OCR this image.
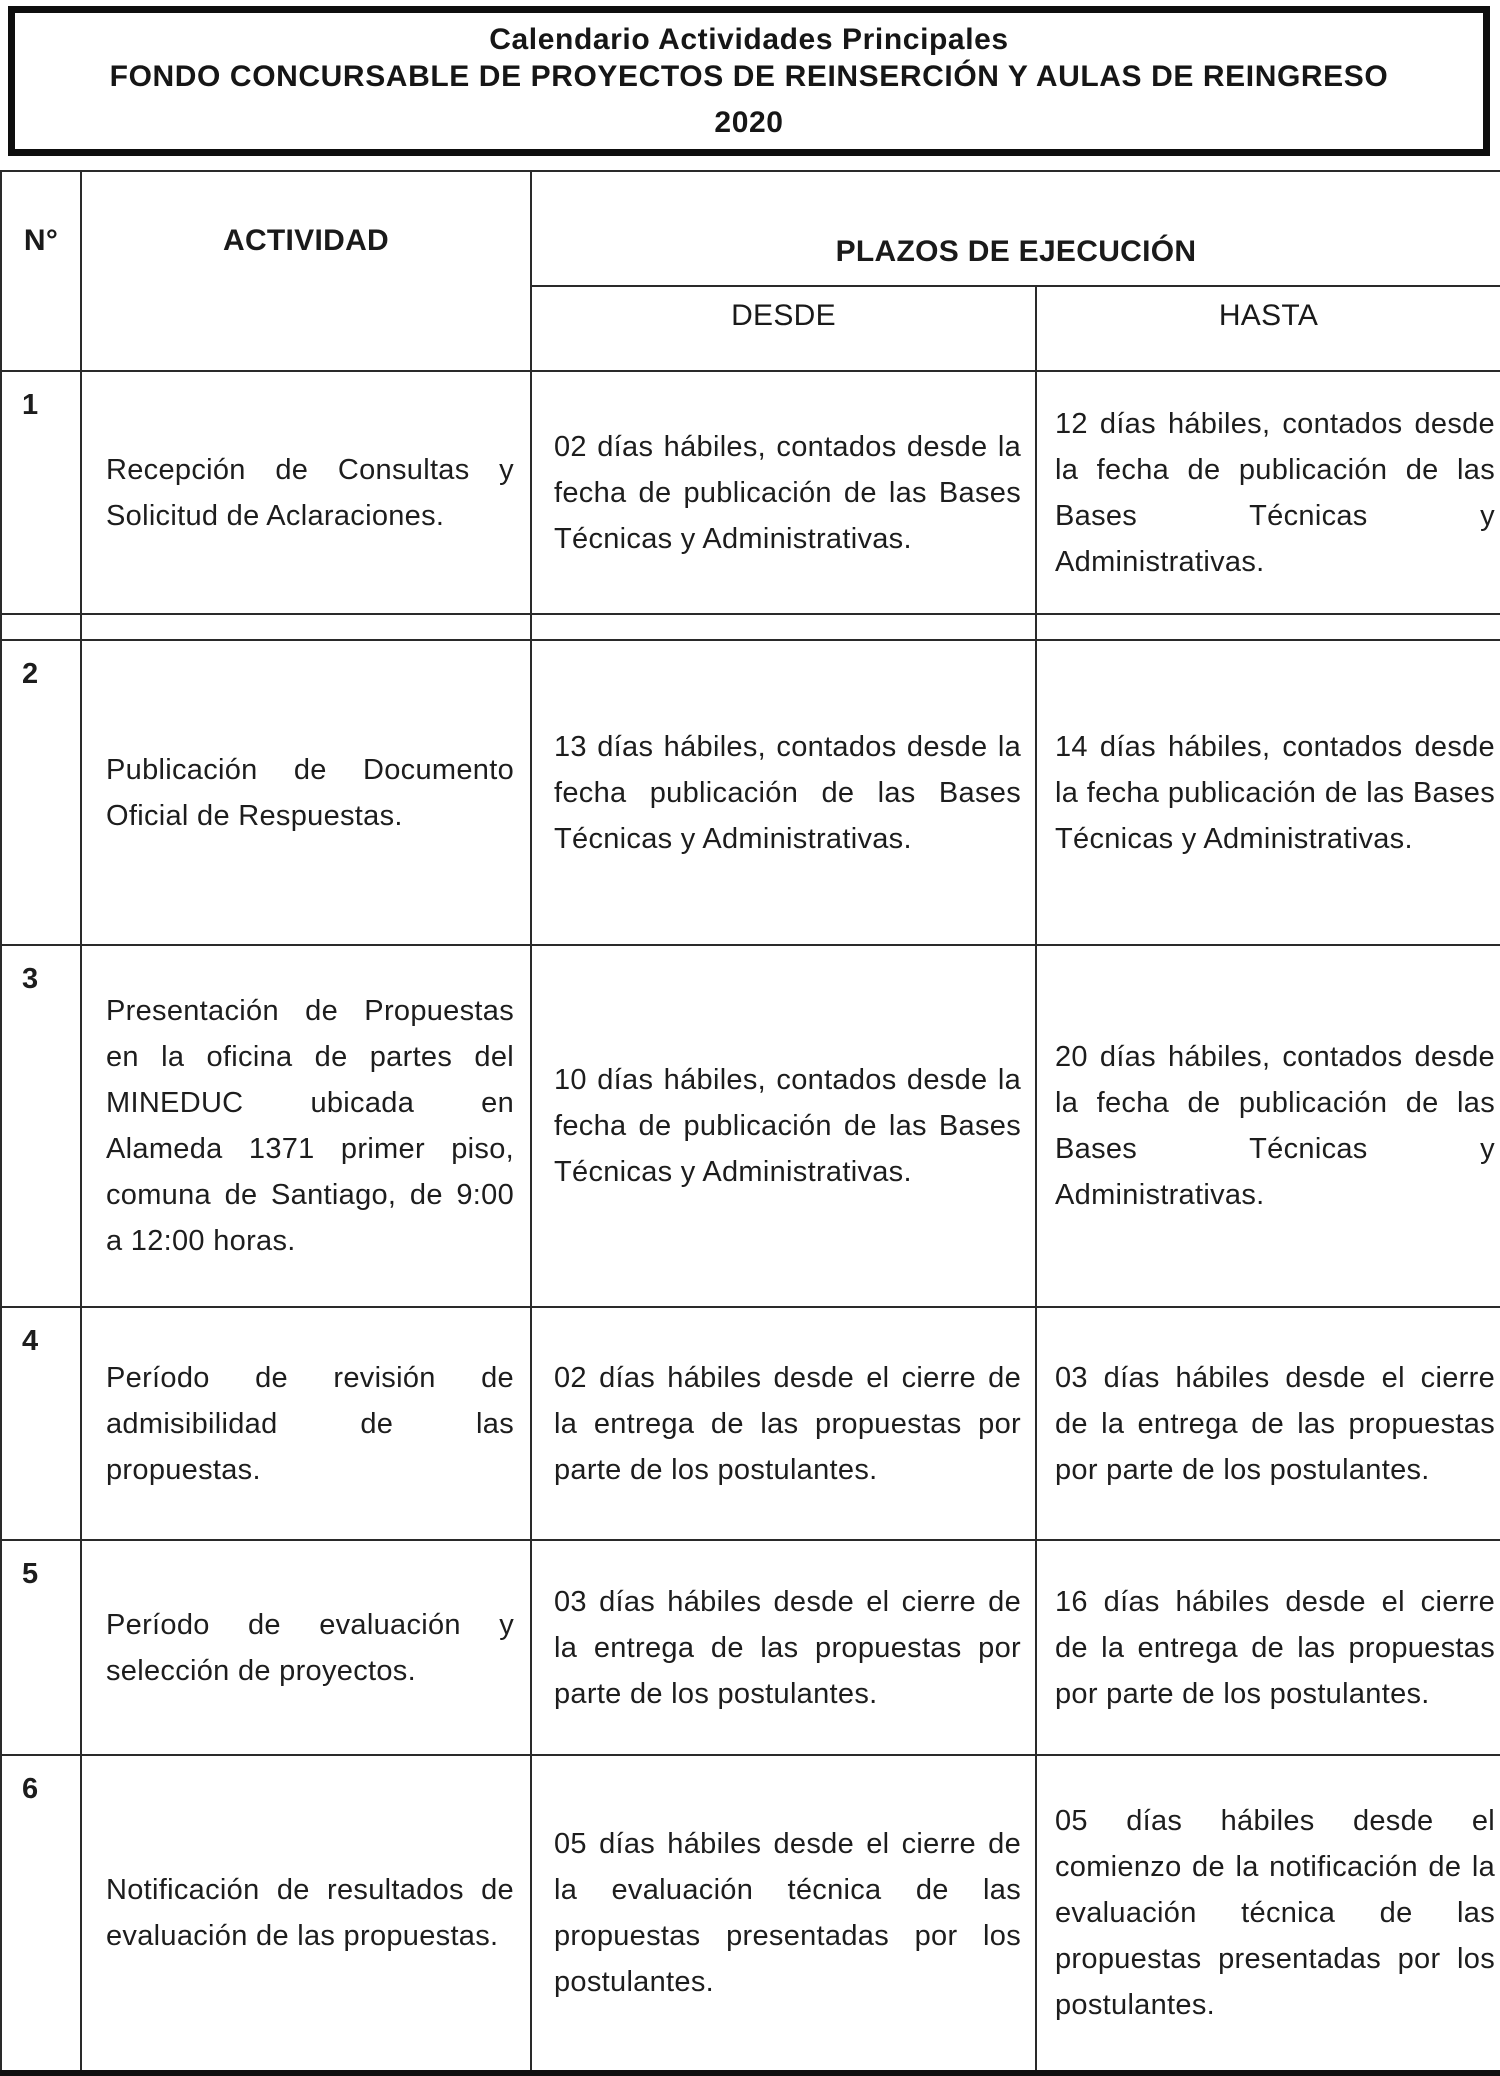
Calendario Actividades Principales
FONDO CONCURSABLE DE PROYECTOS DE REINSERCIÓN Y AULAS DE REINGRESO
2020
N°	ACTIVIDAD	PLAZOS DE EJECUCIÓN	
		DESDE	HASTA
1	Recepción de Consultas y Solicitud de Aclaraciones.	02 días hábiles, contados desde la fecha de publicación de las Bases Técnicas y Administrativas.	12 días hábiles, contados desde la fecha de publicación de las Bases Técnicas y Administrativas.

2	Publicación de Documento Oficial de Respuestas.	13 días hábiles, contados desde la fecha publicación de las Bases Técnicas y Administrativas.	14 días hábiles, contados desde la fecha publicación de las Bases Técnicas y Administrativas.
3	Presentación de Propuestas en la oficina de partes del MINEDUC ubicada en Alameda 1371 primer piso, comuna de Santiago, de 9:00 a 12:00 horas.	10 días hábiles, contados desde la fecha de publicación de las Bases Técnicas y Administrativas.	20 días hábiles, contados desde la fecha de publicación de las Bases Técnicas y Administrativas.
4	Período de revisión de admisibilidad de las propuestas.	02 días hábiles desde el cierre de la entrega de las propuestas por parte de los postulantes.	03 días hábiles desde el cierre de la entrega de las propuestas por parte de los postulantes.
5	Período de evaluación y selección de proyectos.	03 días hábiles desde el cierre de la entrega de las propuestas por parte de los postulantes.	16 días hábiles desde el cierre de la entrega de las propuestas por parte de los postulantes.
6	Notificación de resultados de evaluación de las propuestas.	05 días hábiles desde el cierre de la evaluación técnica de las propuestas presentadas por los postulantes.	05 días hábiles desde el comienzo de la notificación de la evaluación técnica de las propuestas presentadas por los postulantes.
